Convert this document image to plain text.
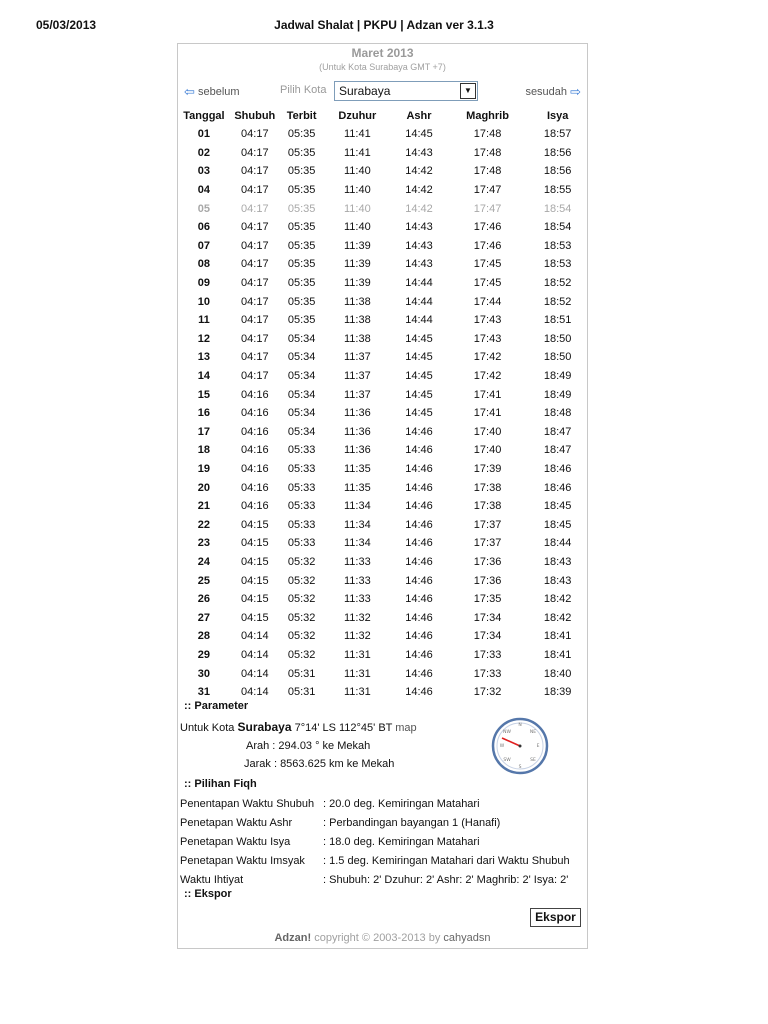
05/03/2013	Jadwal Shalat | PKPU | Adzan ver 3.1.3
Maret 2013
(Untuk Kota Surabaya GMT +7)
⇦ sebelum	Pilih Kota	Surabaya	▼	sesudah ⇨
Tanggal	Shubuh	Terbit	Dzuhur	Ashr	Maghrib	Isya
01	04:17	05:35	11:41	14:45	17:48	18:57
02	04:17	05:35	11:41	14:43	17:48	18:56
03	04:17	05:35	11:40	14:42	17:48	18:56
04	04:17	05:35	11:40	14:42	17:47	18:55
05	04:17	05:35	11:40	14:42	17:47	18:54
06	04:17	05:35	11:40	14:43	17:46	18:54
07	04:17	05:35	11:39	14:43	17:46	18:53
08	04:17	05:35	11:39	14:43	17:45	18:53
09	04:17	05:35	11:39	14:44	17:45	18:52
10	04:17	05:35	11:38	14:44	17:44	18:52
11	04:17	05:35	11:38	14:44	17:43	18:51
12	04:17	05:34	11:38	14:45	17:43	18:50
13	04:17	05:34	11:37	14:45	17:42	18:50
14	04:17	05:34	11:37	14:45	17:42	18:49
15	04:16	05:34	11:37	14:45	17:41	18:49
16	04:16	05:34	11:36	14:45	17:41	18:48
17	04:16	05:34	11:36	14:46	17:40	18:47
18	04:16	05:33	11:36	14:46	17:40	18:47
19	04:16	05:33	11:35	14:46	17:39	18:46
20	04:16	05:33	11:35	14:46	17:38	18:46
21	04:16	05:33	11:34	14:46	17:38	18:45
22	04:15	05:33	11:34	14:46	17:37	18:45
23	04:15	05:33	11:34	14:46	17:37	18:44
24	04:15	05:32	11:33	14:46	17:36	18:43
25	04:15	05:32	11:33	14:46	17:36	18:43
26	04:15	05:32	11:33	14:46	17:35	18:42
27	04:15	05:32	11:32	14:46	17:34	18:42
28	04:14	05:32	11:32	14:46	17:34	18:41
29	04:14	05:32	11:31	14:46	17:33	18:41
30	04:14	05:31	11:31	14:46	17:33	18:40
31	04:14	05:31	11:31	14:46	17:32	18:39
:: Parameter
Untuk Kota Surabaya 7°14' LS 112°45' BT map
Arah : 294.03 ° ke Mekah
Jarak : 8563.625 km ke Mekah
NW
N
NE
W	E
SW
S
SE
:: Pilihan Fiqh
Penentapan Waktu Shubuh : 20.0 deg. Kemiringan Matahari
Penetapan Waktu Ashr	: Perbandingan bayangan 1 (Hanafi)
Penetapan Waktu Isya	: 18.0 deg. Kemiringan Matahari
Penetapan Waktu Imsyak : 1.5 deg. Kemiringan Matahari dari Waktu Shubuh
Waktu Ihtiyat	: Shubuh: 2' Dzuhur: 2' Ashr: 2' Maghrib: 2' Isya: 2'
:: Ekspor
Ekspor
Adzan! copyright © 2003-2013 by cahyadsn
